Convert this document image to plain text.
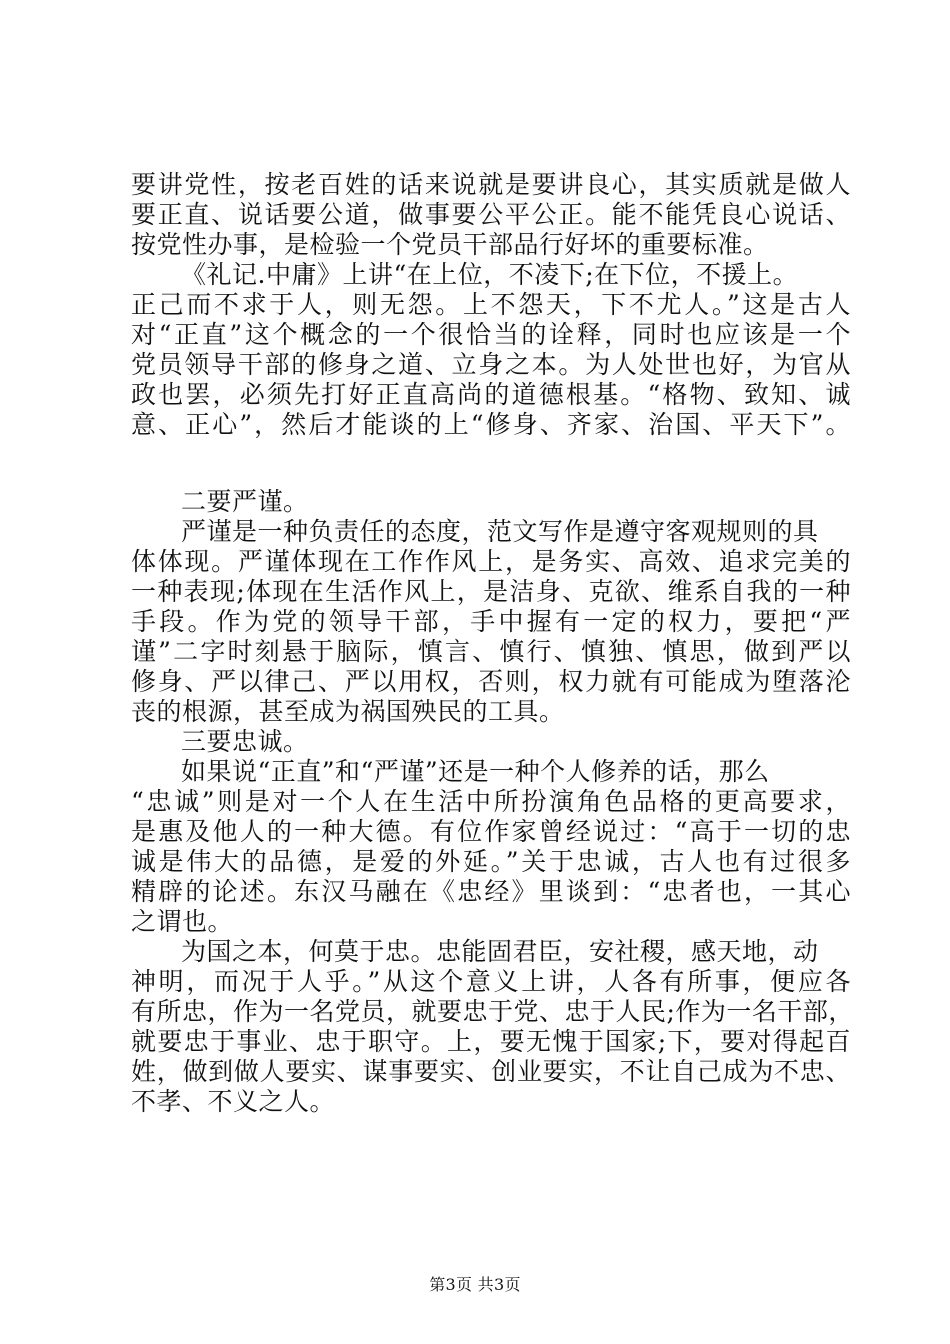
要讲党性，按老百姓的话来说就是要讲良心，其实质就是做人
要正直、说话要公道，做事要公平公正。能不能凭良心说话、
按党性办事，是检验一个党员干部品行好坏的重要标准。
《礼记.中庸》上讲“在上位，不凌下;在下位，不援上。
正己而不求于人，则无怨。上不怨天，下不尤人。”这是古人
对“正直”这个概念的一个很恰当的诠释，同时也应该是一个
党员领导干部的修身之道、立身之本。为人处世也好，为官从
政也罢，必须先打好正直高尚的道德根基。“格物、致知、诚
意、正心”，然后才能谈的上“修身、齐家、治国、平天下”。
二要严谨。
严谨是一种负责任的态度，范文写作是遵守客观规则的具
体体现。严谨体现在工作作风上，是务实、高效、追求完美的
一种表现;体现在生活作风上，是洁身、克欲、维系自我的一种
手段。作为党的领导干部，手中握有一定的权力，要把“严
谨”二字时刻悬于脑际，慎言、慎行、慎独、慎思，做到严以
修身、严以律己、严以用权，否则，权力就有可能成为堕落沦
丧的根源，甚至成为祸国殃民的工具。
三要忠诚。
如果说“正直”和“严谨”还是一种个人修养的话，那么
“忠诚”则是对一个人在生活中所扮演角色品格的更高要求，
是惠及他人的一种大德。有位作家曾经说过：“高于一切的忠
诚是伟大的品德，是爱的外延。”关于忠诚，古人也有过很多
精辟的论述。东汉马融在《忠经》里谈到：“忠者也，一其心
之谓也。
为国之本，何莫于忠。忠能固君臣，安社稷，感天地，动
神明，而况于人乎。”从这个意义上讲，人各有所事，便应各
有所忠，作为一名党员，就要忠于党、忠于人民;作为一名干部，
就要忠于事业、忠于职守。上，要无愧于国家;下，要对得起百
姓，做到做人要实、谋事要实、创业要实，不让自己成为不忠、
不孝、不义之人。
第3页 共3页
